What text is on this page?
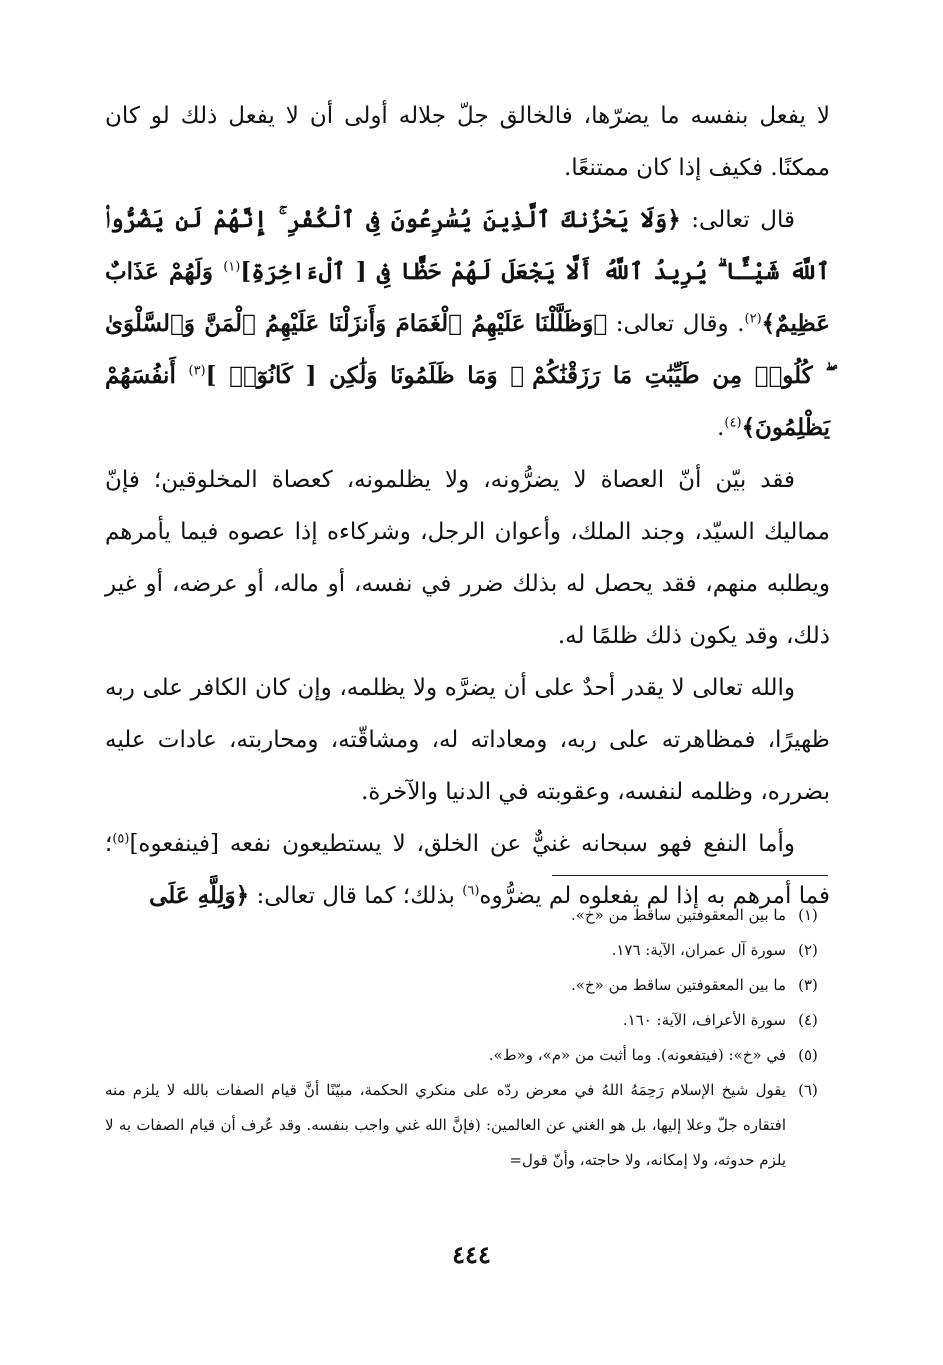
لا يفعل بنفسه ما يضرّها، فالخالق جلّ جلاله أولى أن لا يفعل ذلك لو كان ممكنًا. فكيف إذا كان ممتنعًا.

قال تعالى: ﴿وَلَا يَحْزُنكَ ٱلَّذِينَ يُسَٰرِعُونَ فِى ٱلْكُفْرِ ۚ إِنَّهُمْ لَن يَضُرُّوا۟ ٱللَّهَ شَيْـًٔا ۗ يُرِيدُ ٱللَّهُ أَلَّا يَجْعَلَ لَهُمْ حَظًّا فِى [ ٱلْءَاخِرَةِ]$^{(١)}$ وَلَهُمْ عَذَابٌ عَظِيمٌ﴾$^{(٢)}$. وقال تعالى: ﴿وَظَلَّلْنَا عَلَيْهِمُ ٱلْغَمَامَ وَأَنزَلْنَا عَلَيْهِمُ ٱلْمَنَّ وَٱلسَّلْوَىٰ ۖ كُلُوا۟ مِن طَيِّبَٰتِ مَا رَزَقْنَٰكُمْ ۖ وَمَا ظَلَمُونَا وَلَٰكِن [ كَانُوٓا۟ ]$^{(٣)}$ أَنفُسَهُمْ يَظْلِمُونَ﴾$^{(٤)}$.

فقد بيّن أنّ العصاة لا يضرُّونه، ولا يظلمونه، كعصاة المخلوقين؛ فإنّ مماليك السيّد، وجند الملك، وأعوان الرجل، وشركاءه إذا عصوه فيما يأمرهم ويطلبه منهم، فقد يحصل له بذلك ضرر في نفسه، أو ماله، أو عرضه، أو غير ذلك، وقد يكون ذلك ظلمًا له.

والله تعالى لا يقدر أحدٌ على أن يضرَّه ولا يظلمه، وإن كان الكافر على ربه ظهيرًا، فمظاهرته على ربه، ومعاداته له، ومشاقّته، ومحاربته، عادات عليه بضرره، وظلمه لنفسه، وعقوبته في الدنيا والآخرة.

وأما النفع فهو سبحانه غنيٌّ عن الخلق، لا يستطيعون نفعه [فينفعوه]$^{(٥)}$؛ فما أمرهم به إذا لم يفعلوه لم يضرُّوه$^{(٦)}$ بذلك؛ كما قال تعالى: ﴿وَلِلَّهِ عَلَى

(١)
ما بين المعقوفتين ساقط من «خ».
(٢)
سورة آل عمران، الآية: ١٧٦.
(٣)
ما بين المعقوفتين ساقط من «خ».
(٤)
سورة الأعراف، الآية: ١٦٠.
(٥)
في «خ»: (فيتفعونه). وما أثبت من «م»، و«ط».
(٦)
يقول شيخ الإسلام رَحِمَهُ اللهُ في معرض ردّه على منكري الحكمة، مبيّنًا أنَّ قيام الصفات بالله لا يلزم منه افتقاره جلّ وعلا إليها، بل هو الغني عن العالمين: (فإنَّ الله غني واجب بنفسه. وقد عُرف أن قيام الصفات به لا يلزم حدوثه، ولا إمكانه، ولا حاجته، وأنّ قول=
٤٤٤
